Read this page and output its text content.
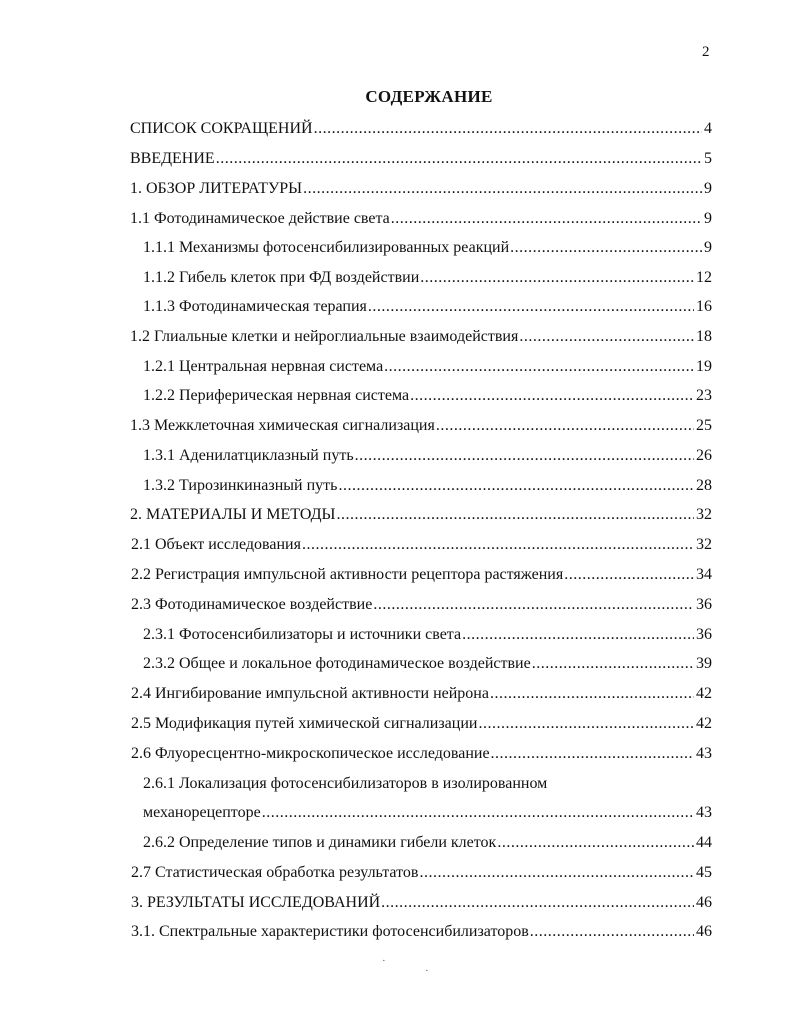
2
СОДЕРЖАНИЕ
СПИСОК СОКРАЩЕНИЙ .....	4
ВВЕДЕНИЕ .....	5
1. ОБЗОР ЛИТЕРАТУРЫ .....	9
1.1 Фотодинамическое действие света .....	9
1.1.1 Механизмы фотосенсибилизированных реакций .....	9
1.1.2 Гибель клеток при ФД воздействии .....	12
1.1.3 Фотодинамическая терапия .....	16
1.2 Глиальные клетки и нейроглиальные взаимодействия .....	18
1.2.1 Центральная нервная система .....	19
1.2.2 Периферическая нервная система .....	23
1.3 Межклеточная химическая сигнализация .....	25
1.3.1 Аденилатциклазный путь .....	26
1.3.2 Тирозинкиназный путь .....	28
2. МАТЕРИАЛЫ И МЕТОДЫ .....	32
2.1 Объект исследования .....	32
2.2 Регистрация импульсной активности рецептора растяжения .....	34
2.3 Фотодинамическое воздействие .....	36
2.3.1 Фотосенсибилизаторы и источники света .....	36
2.3.2 Общее и локальное фотодинамическое воздействие .....	39
2.4 Ингибирование импульсной активности нейрона .....	42
2.5 Модификация путей химической сигнализации .....	42
2.6 Флуоресцентно-микроскопическое исследование .....	43
2.6.1 Локализация фотосенсибилизаторов в изолированном
механорецепторе .....	43
2.6.2 Определение типов и динамики гибели клеток .....	44
2.7 Статистическая обработка результатов .....	45
3. РЕЗУЛЬТАТЫ ИССЛЕДОВАНИЙ .....	46
3.1. Спектральные характеристики фотосенсибилизаторов .....	46
·
·
